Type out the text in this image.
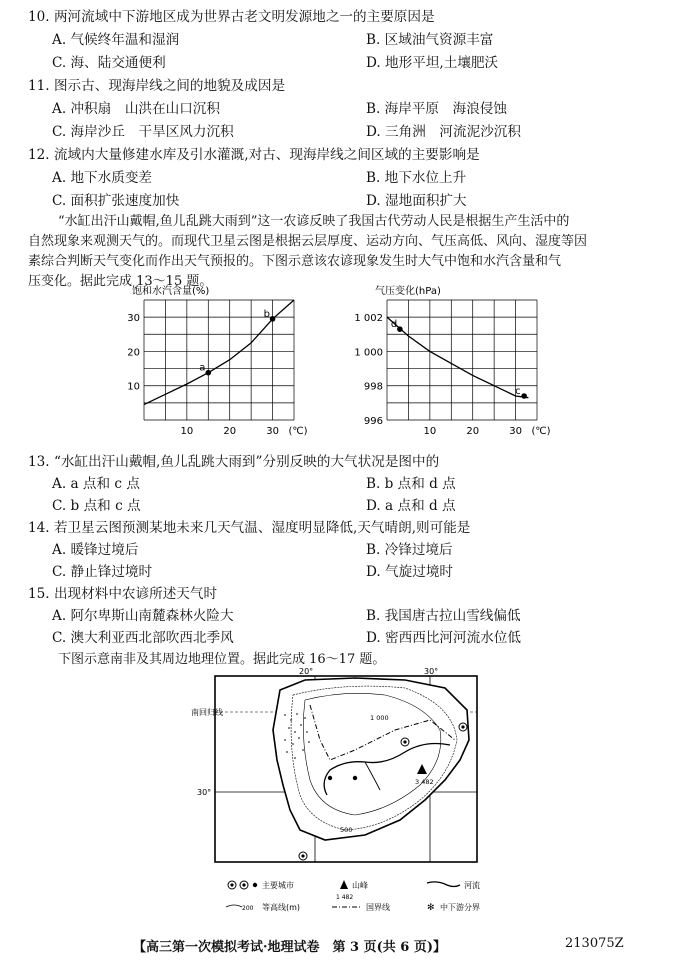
10. 两河流域中下游地区成为世界古老文明发源地之一的主要原因是
A. 气候终年温和湿润	B. 区域油气资源丰富
C. 海、陆交通便利	D. 地形平坦,土壤肥沃
11. 图示古、现海岸线之间的地貌及成因是
A. 冲积扇　山洪在山口沉积	B. 海岸平原　海浪侵蚀
C. 海岸沙丘　干旱区风力沉积	D. 三角洲　河流泥沙沉积
12. 流域内大量修建水库及引水灌溉,对古、现海岸线之间区域的主要影响是
A. 地下水质变差	B. 地下水位上升
C. 面积扩张速度加快	D. 湿地面积扩大
“水缸出汗山戴帽,鱼儿乱跳大雨到”这一农谚反映了我国古代劳动人民是根据生产生活中的
自然现象来观测天气的。而现代卫星云图是根据云层厚度、运动方向、气压高低、风向、湿度等因
素综合判断天气变化而作出天气预报的。下图示意该农谚现象发生时大气中饱和水汽含量和气
压变化。据此完成 13～15 题。
饱和水汽含量(%)
10	20	30 (℃)
10
20
30
a
b
气压变化(hPa)
10	20	30 (℃)
996
998
1 000
1 002
d
c
13. “水缸出汗山戴帽,鱼儿乱跳大雨到”分别反映的大气状况是图中的
A. a 点和 c 点	B. b 点和 d 点
C. b 点和 c 点	D. a 点和 d 点
14. 若卫星云图预测某地未来几天气温、湿度明显降低,天气晴朗,则可能是
A. 暖锋过境后	B. 冷锋过境后
C. 静止锋过境时	D. 气旋过境时
15. 出现材料中农谚所述天气时
A. 阿尔卑斯山南麓森林火险大	B. 我国唐古拉山雪线偏低
C. 澳大利亚西北部吹西北季风	D. 密西西比河河流水位低
下图示意南非及其周边地理位置。据此完成 16～17 题。
20°	30°
30°
南回归线
1 000
500
3 482
主要城市
1 482
山峰	河流
200 等高线(m)	国界线	✻ 中下游分界
【高三第一次模拟考试·地理试卷　第 3 页(共 6 页)】	213075Z
